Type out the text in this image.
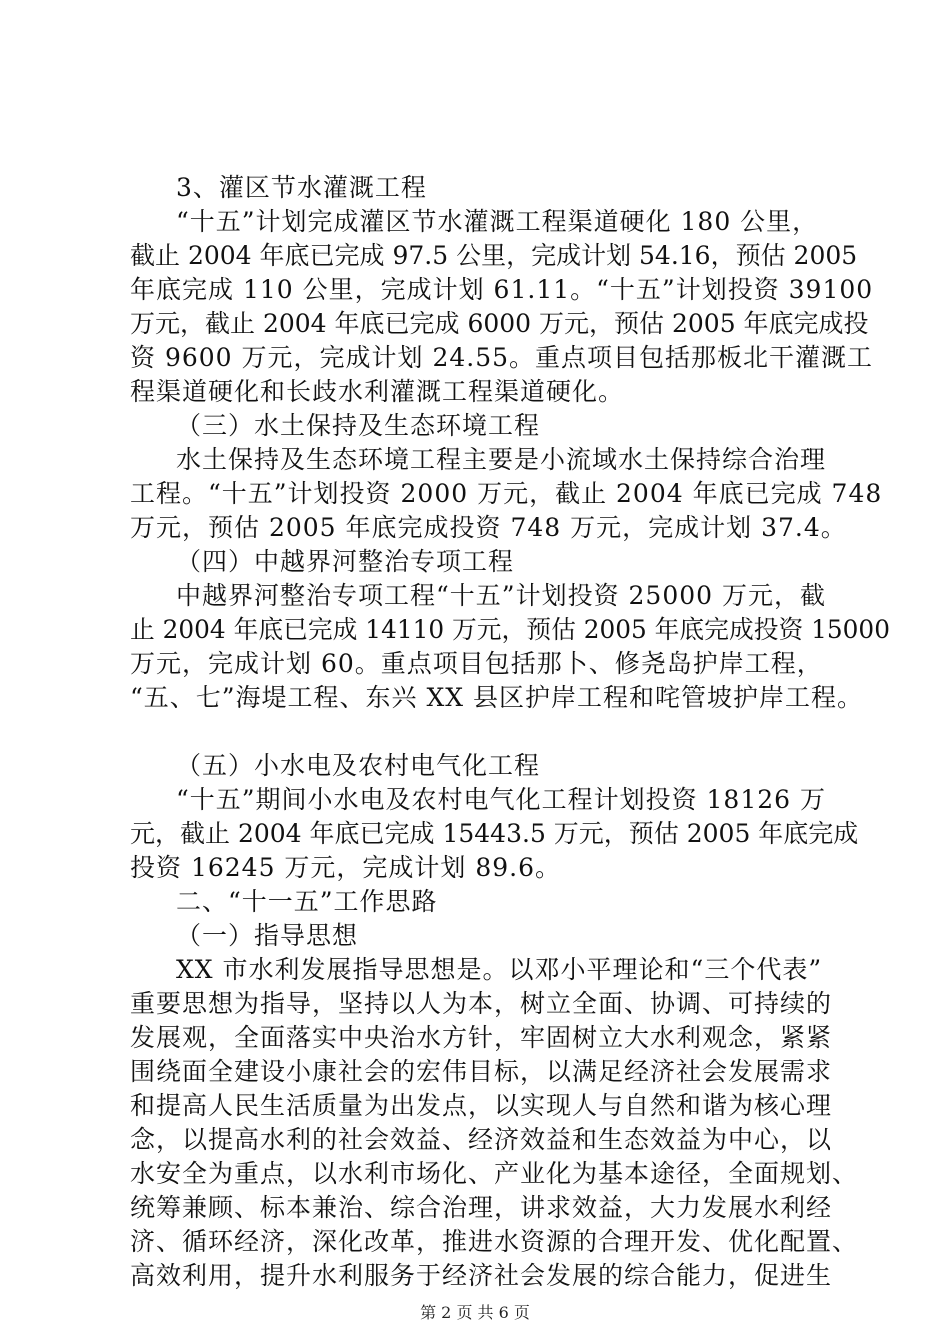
3、灌区节水灌溉工程
“十五”计划完成灌区节水灌溉工程渠道硬化 180 公里，
截止 2004 年底已完成 97.5 公里，完成计划 54.16，预估 2005
年底完成 110 公里，完成计划 61.11。“十五”计划投资 39100
万元，截止 2004 年底已完成 6000 万元，预估 2005 年底完成投
资 9600 万元，完成计划 24.55。重点项目包括那板北干灌溉工
程渠道硬化和长歧水利灌溉工程渠道硬化。
（三）水土保持及生态环境工程
水土保持及生态环境工程主要是小流域水土保持综合治理
工程。“十五”计划投资 2000 万元，截止 2004 年底已完成 748
万元，预估 2005 年底完成投资 748 万元，完成计划 37.4。
（四）中越界河整治专项工程
中越界河整治专项工程“十五”计划投资 25000 万元，截
止 2004 年底已完成 14110 万元，预估 2005 年底完成投资 15000
万元，完成计划 60。重点项目包括那卜、修尧岛护岸工程，
“五、七”海堤工程、东兴 XX 县区护岸工程和咤管坡护岸工程。
（五）小水电及农村电气化工程
“十五”期间小水电及农村电气化工程计划投资 18126 万
元，截止 2004 年底已完成 15443.5 万元，预估 2005 年底完成
投资 16245 万元，完成计划 89.6。
二、“十一五”工作思路
（一）指导思想
XX 市水利发展指导思想是。以邓小平理论和“三个代表”
重要思想为指导，坚持以人为本，树立全面、协调、可持续的
发展观，全面落实中央治水方针，牢固树立大水利观念，紧紧
围绕面全建设小康社会的宏伟目标，以满足经济社会发展需求
和提高人民生活质量为出发点，以实现人与自然和谐为核心理
念，以提高水利的社会效益、经济效益和生态效益为中心，以
水安全为重点，以水利市场化、产业化为基本途径，全面规划、
统筹兼顾、标本兼治、综合治理，讲求效益，大力发展水利经
济、循环经济，深化改革，推进水资源的合理开发、优化配置、
高效利用，提升水利服务于经济社会发展的综合能力，促进生
第 2 页 共 6 页
